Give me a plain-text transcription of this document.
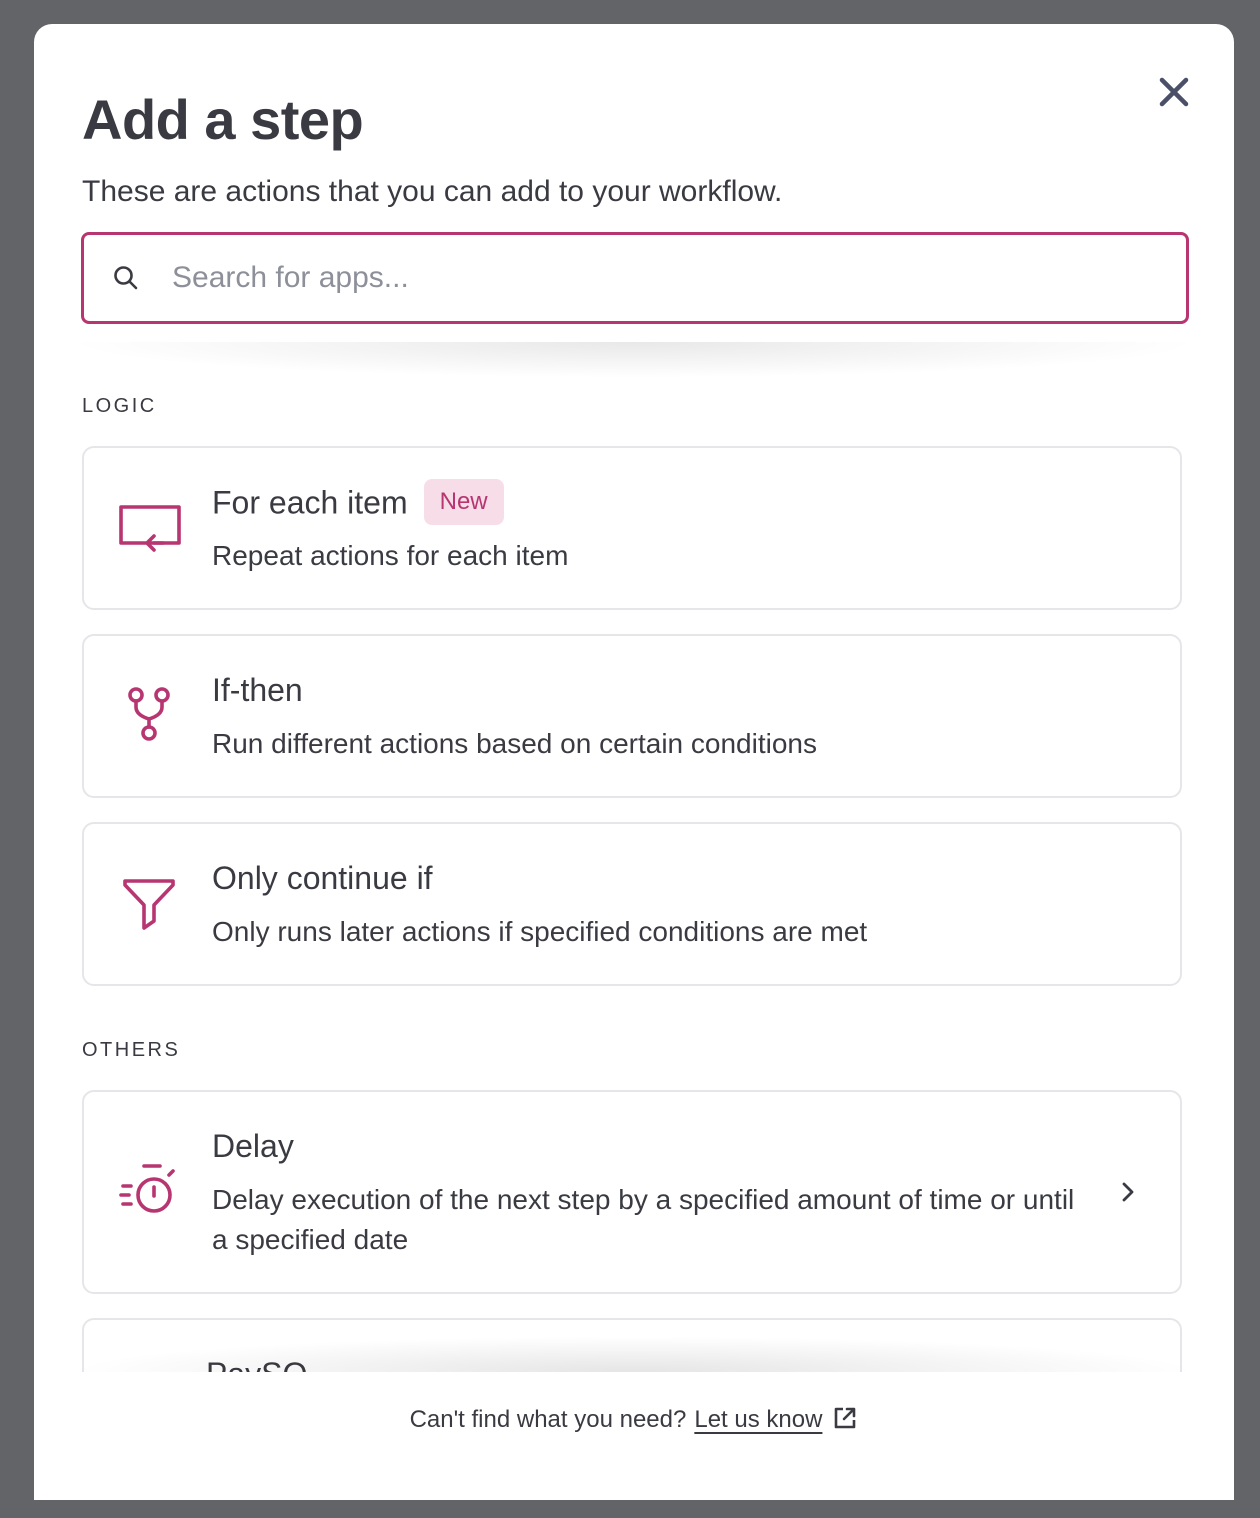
Add a step

These are actions that you can add to your workflow.

Search for apps...
LOGIC
For each item New
Repeat actions for each item
If-then
Run different actions based on certain conditions
Only continue if
Only runs later actions if specified conditions are met
OTHERS
Delay
Delay execution of the next step by a specified amount of time or until a specified date
Can't find what you need? Let us know
